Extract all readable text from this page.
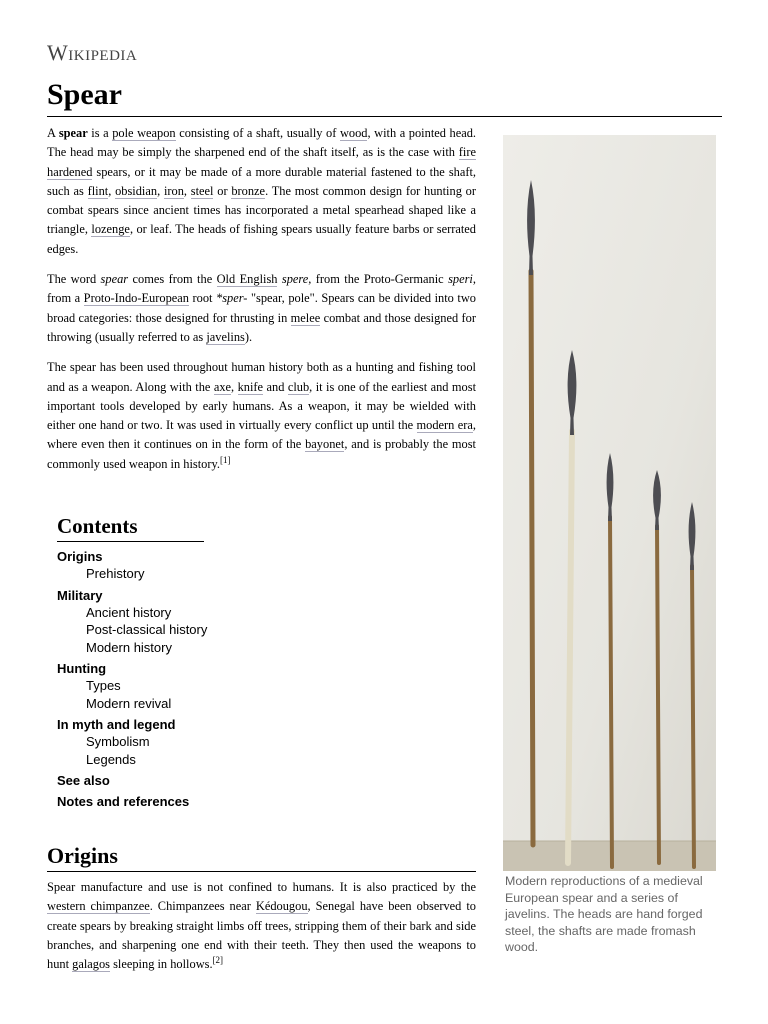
Wikipedia
Spear

A spear is a pole weapon consisting of a shaft, usually of wood, with a pointed head. The head may be simply the sharpened end of the shaft itself, as is the case with fire hardened spears, or it may be made of a more durable material fastened to the shaft, such as flint, obsidian, iron, steel or bronze. The most common design for hunting or combat spears since ancient times has incorporated a metal spearhead shaped like a triangle, lozenge, or leaf. The heads of fishing spears usually feature barbs or serrated edges.

The word spear comes from the Old English spere, from the Proto-Germanic speri, from a Proto-Indo-European root *sper- "spear, pole". Spears can be divided into two broad categories: those designed for thrusting in melee combat and those designed for throwing (usually referred to as javelins).

The spear has been used throughout human history both as a hunting and fishing tool and as a weapon. Along with the axe, knife and club, it is one of the earliest and most important tools developed by early humans. As a weapon, it may be wielded with either one hand or two. It was used in virtually every conflict up until the modern era, where even then it continues on in the form of the bayonet, and is probably the most commonly used weapon in history.[1]

Contents
Origins
Prehistory
Military
Ancient history
Post-classical history
Modern history
Hunting
Types
Modern revival
In myth and legend
Symbolism
Legends
See also
Notes and references
Origins

Spear manufacture and use is not confined to humans. It is also practiced by the western chimpanzee. Chimpanzees near Kédougou, Senegal have been observed to create spears by breaking straight limbs off trees, stripping them of their bark and side branches, and sharpening one end with their teeth. They then used the weapons to hunt galagos sleeping in hollows.[2]

Modern reproductions of a medieval European spear and a series of javelins. The heads are hand forged steel, the shafts are made fromash wood.
